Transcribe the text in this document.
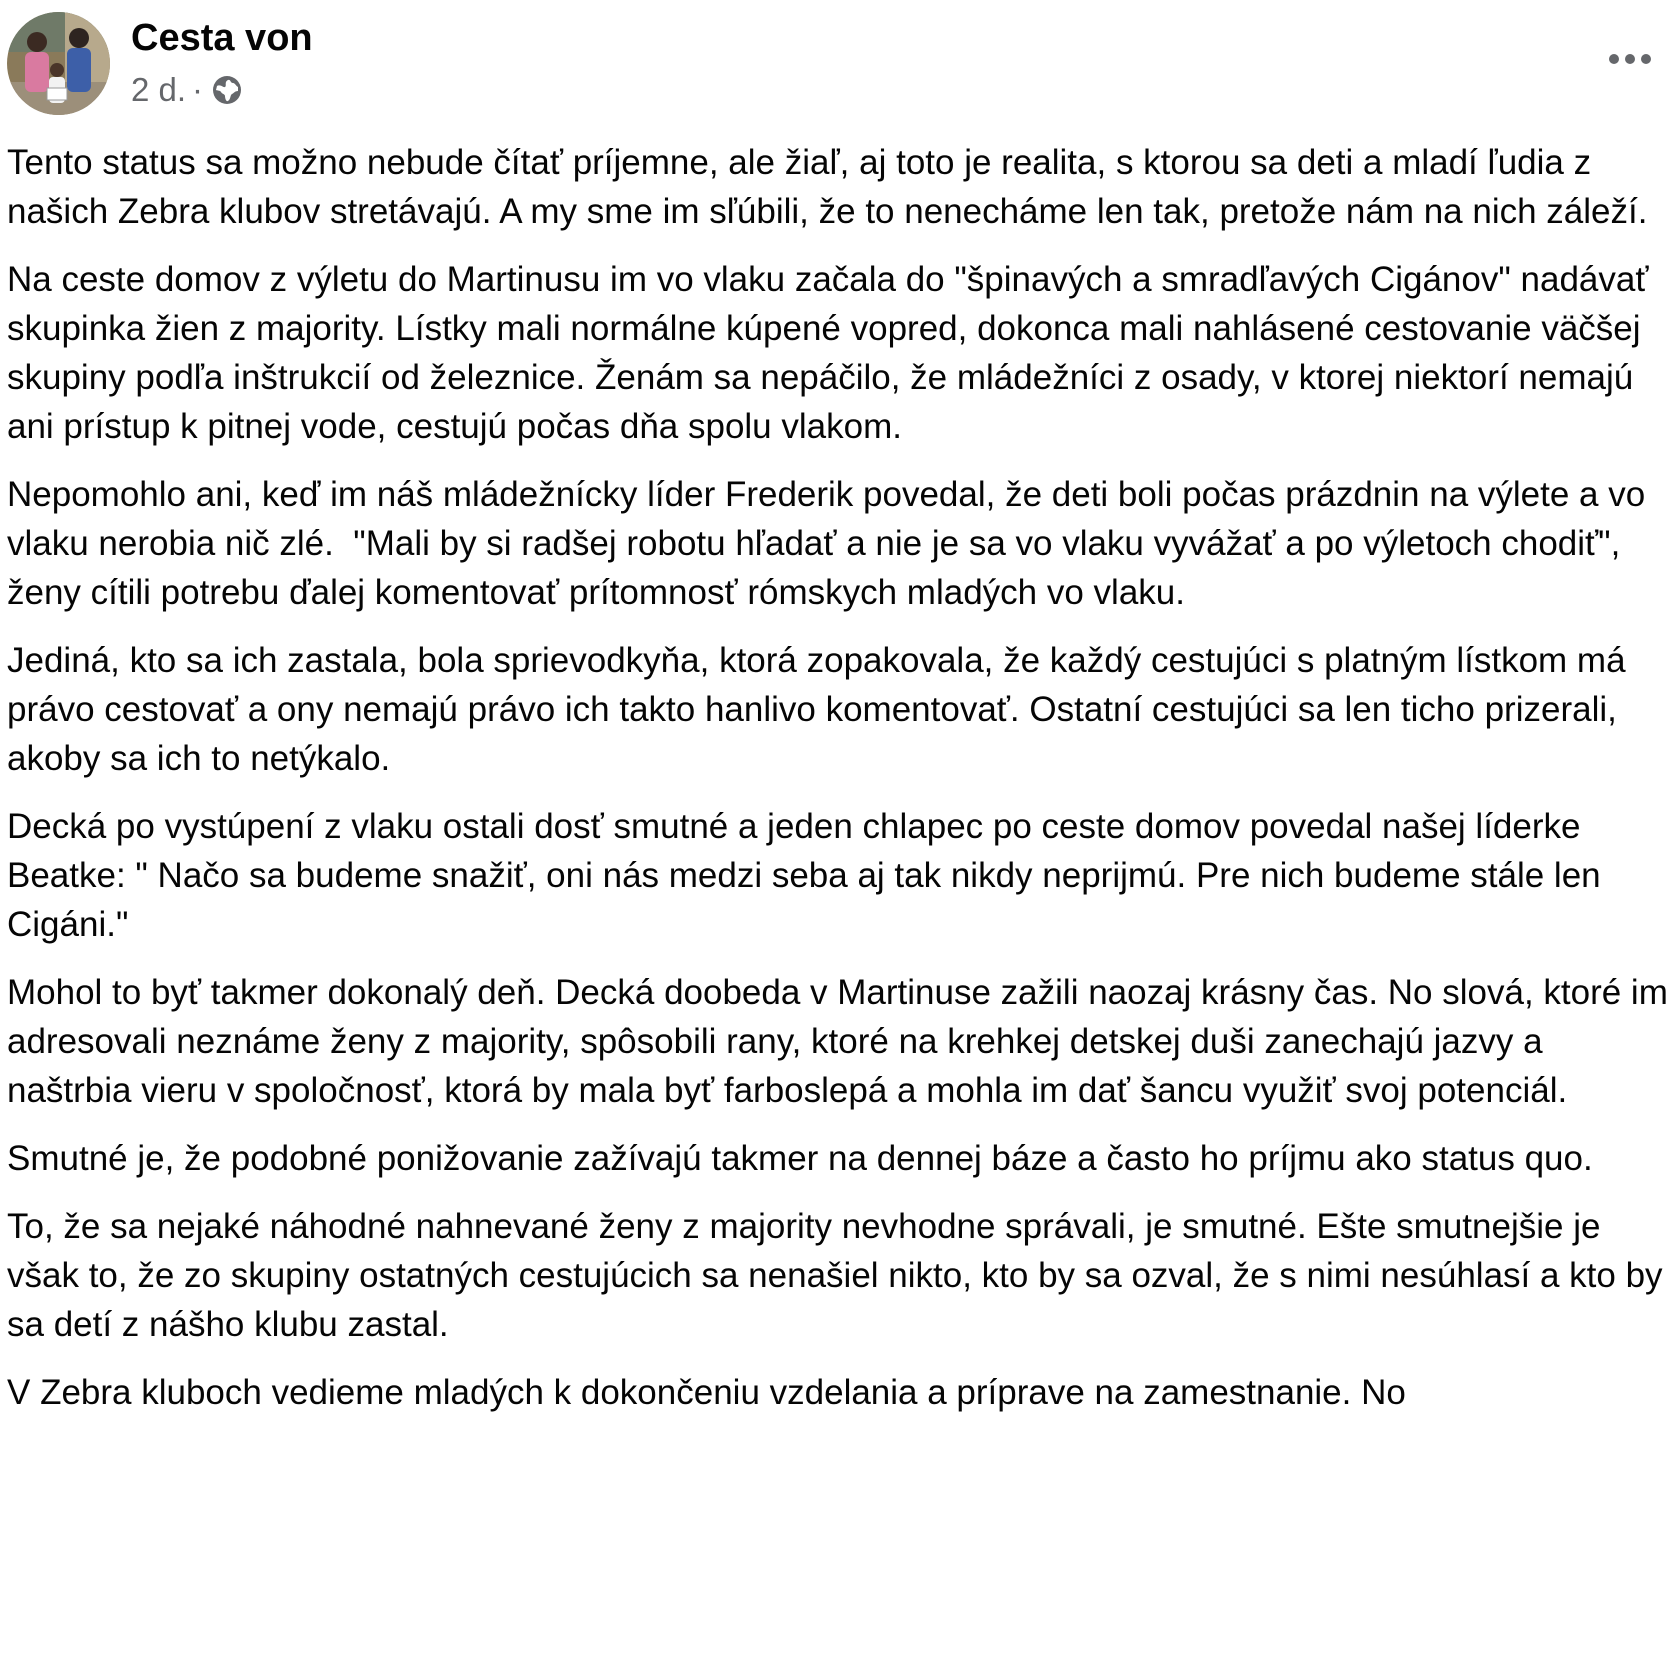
Cesta von
2 d. ·

Tento status sa možno nebude čítať príjemne, ale žiaľ, aj toto je realita, s ktorou sa deti a mladí ľudia z našich Zebra klubov stretávajú. A my sme im sľúbili, že to nenecháme len tak, pretože nám na nich záleží.

Na ceste domov z výletu do Martinusu im vo vlaku začala do "špinavých a smradľavých Cigánov" nadávať skupinka žien z majority. Lístky mali normálne kúpené vopred, dokonca mali nahlásené cestovanie väčšej skupiny podľa inštrukcií od železnice. Ženám sa nepáčilo, že mládežníci z osady, v ktorej niektorí nemajú ani prístup k pitnej vode, cestujú počas dňa spolu vlakom.

Nepomohlo ani, keď im náš mládežnícky líder Frederik povedal, že deti boli počas prázdnin na výlete a vo vlaku nerobia nič zlé.  "Mali by si radšej robotu hľadať a nie je sa vo vlaku vyvážať a po výletoch chodiť", ženy cítili potrebu ďalej komentovať prítomnosť rómskych mladých vo vlaku.

Jediná, kto sa ich zastala, bola sprievodkyňa, ktorá zopakovala, že každý cestujúci s platným lístkom má právo cestovať a ony nemajú právo ich takto hanlivo komentovať. Ostatní cestujúci sa len ticho prizerali, akoby sa ich to netýkalo.

Decká po vystúpení z vlaku ostali dosť smutné a jeden chlapec po ceste domov povedal našej líderke Beatke: " Načo sa budeme snažiť, oni nás medzi seba aj tak nikdy neprijmú. Pre nich budeme stále len Cigáni."

Mohol to byť takmer dokonalý deň. Decká doobeda v Martinuse zažili naozaj krásny čas. No slová, ktoré im adresovali neznáme ženy z majority, spôsobili rany, ktoré na krehkej detskej duši zanechajú jazvy a naštrbia vieru v spoločnosť, ktorá by mala byť farboslepá a mohla im dať šancu využiť svoj potenciál.

Smutné je, že podobné ponižovanie zažívajú takmer na dennej báze a často ho príjmu ako status quo.

To, že sa nejaké náhodné nahnevané ženy z majority nevhodne správali, je smutné. Ešte smutnejšie je však to, že zo skupiny ostatných cestujúcich sa nenašiel nikto, kto by sa ozval, že s nimi nesúhlasí a kto by sa detí z nášho klubu zastal.

V Zebra kluboch vedieme mladých k dokončeniu vzdelania a príprave na zamestnanie. No
